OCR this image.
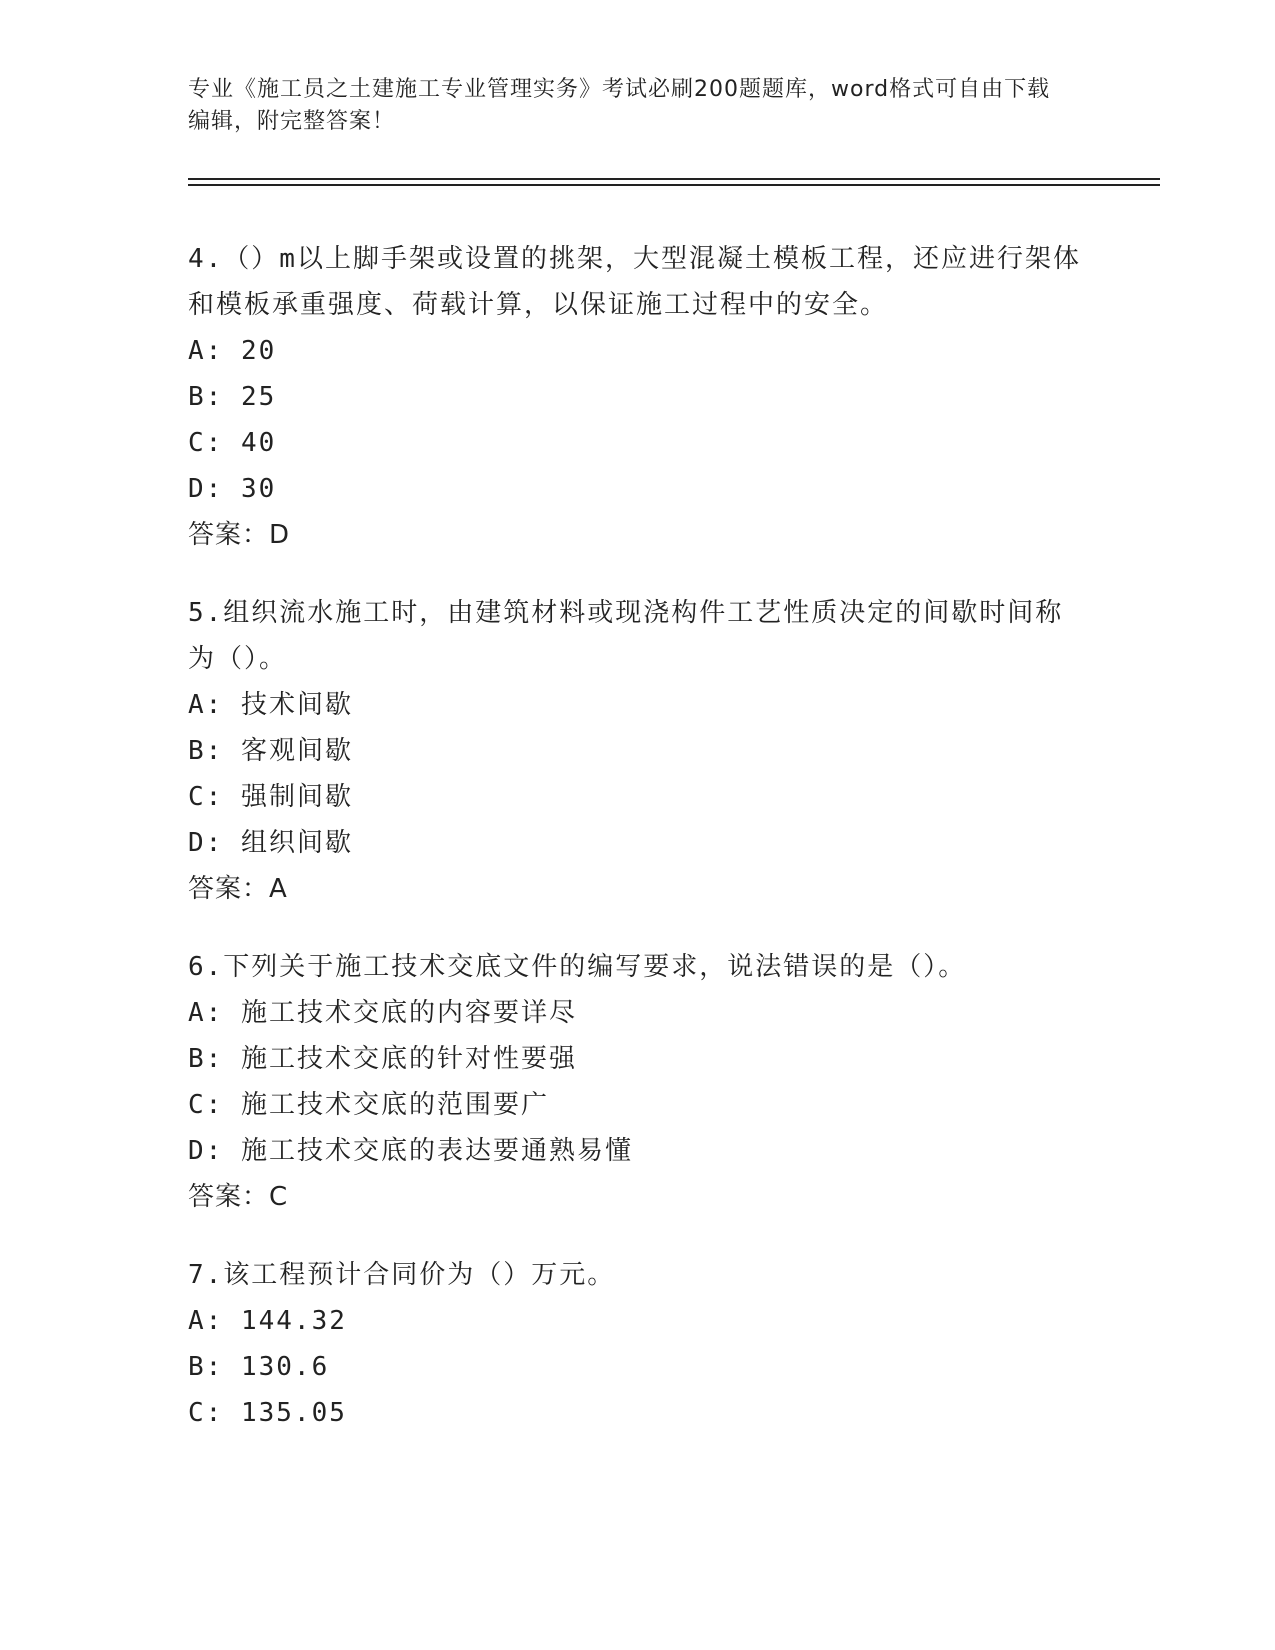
专业《施工员之土建施工专业管理实务》考试必刷200题题库，word格式可自由下载编辑，附完整答案！

4.（）m以上脚手架或设置的挑架，大型混凝土模板工程，还应进行架体和模板承重强度、荷载计算，以保证施工过程中的安全。

A: 20

B: 25

C: 40

D: 30

答案：D

5.组织流水施工时，由建筑材料或现浇构件工艺性质决定的间歇时间称为（）。

A: 技术间歇

B: 客观间歇

C: 强制间歇

D: 组织间歇

答案：A

6.下列关于施工技术交底文件的编写要求，说法错误的是（）。

A: 施工技术交底的内容要详尽

B: 施工技术交底的针对性要强

C: 施工技术交底的范围要广

D: 施工技术交底的表达要通熟易懂

答案：C

7.该工程预计合同价为（）万元。

A: 144.32

B: 130.6

C: 135.05
